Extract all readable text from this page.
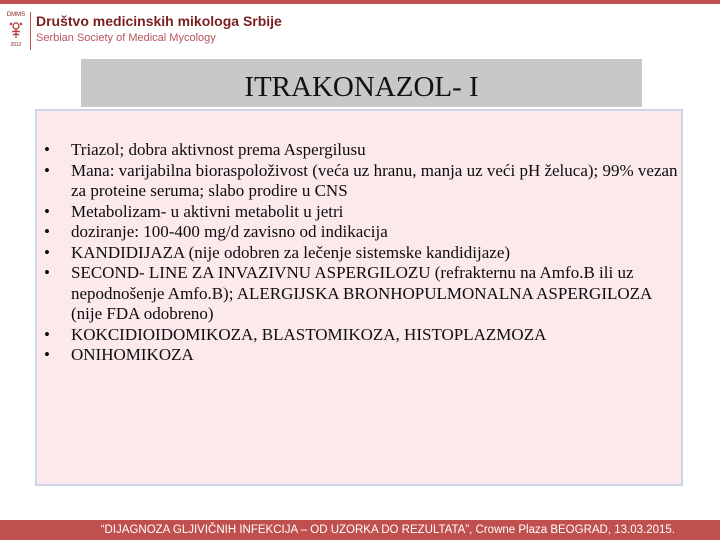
DMMS
2012
Društvo medicinskih mikologa Srbije
Serbian Society of Medical Mycology
ITRAKONAZOL- I
•	Triazol; dobra aktivnost prema Aspergilusu
•	Mana: varijabilna bioraspoloživost (veća uz hranu, manja uz veći pH želuca); 99% vezan za proteine seruma; slabo prodire u CNS
•	Metabolizam- u aktivni metabolit u jetri
•	doziranje: 100-400 mg/d zavisno od indikacija
•	KANDIDIJAZA (nije odobren za lečenje sistemske kandidijaze)
•	SECOND- LINE ZA INVAZIVNU ASPERGILOZU (refrakternu na Amfo.B ili uz nepodnošenje Amfo.B); ALERGIJSKA BRONHOPULMONALNA ASPERGILOZA (nije FDA odobreno)
•	KOKCIDIOIDOMIKOZA, BLASTOMIKOZA, HISTOPLAZMOZA
•	ONIHOMIKOZA
“DIJAGNOZA GLJIVIČNIH INFEKCIJA – OD UZORKA DO REZULTATA”, Crowne Plaza BEOGRAD, 13.03.2015.
